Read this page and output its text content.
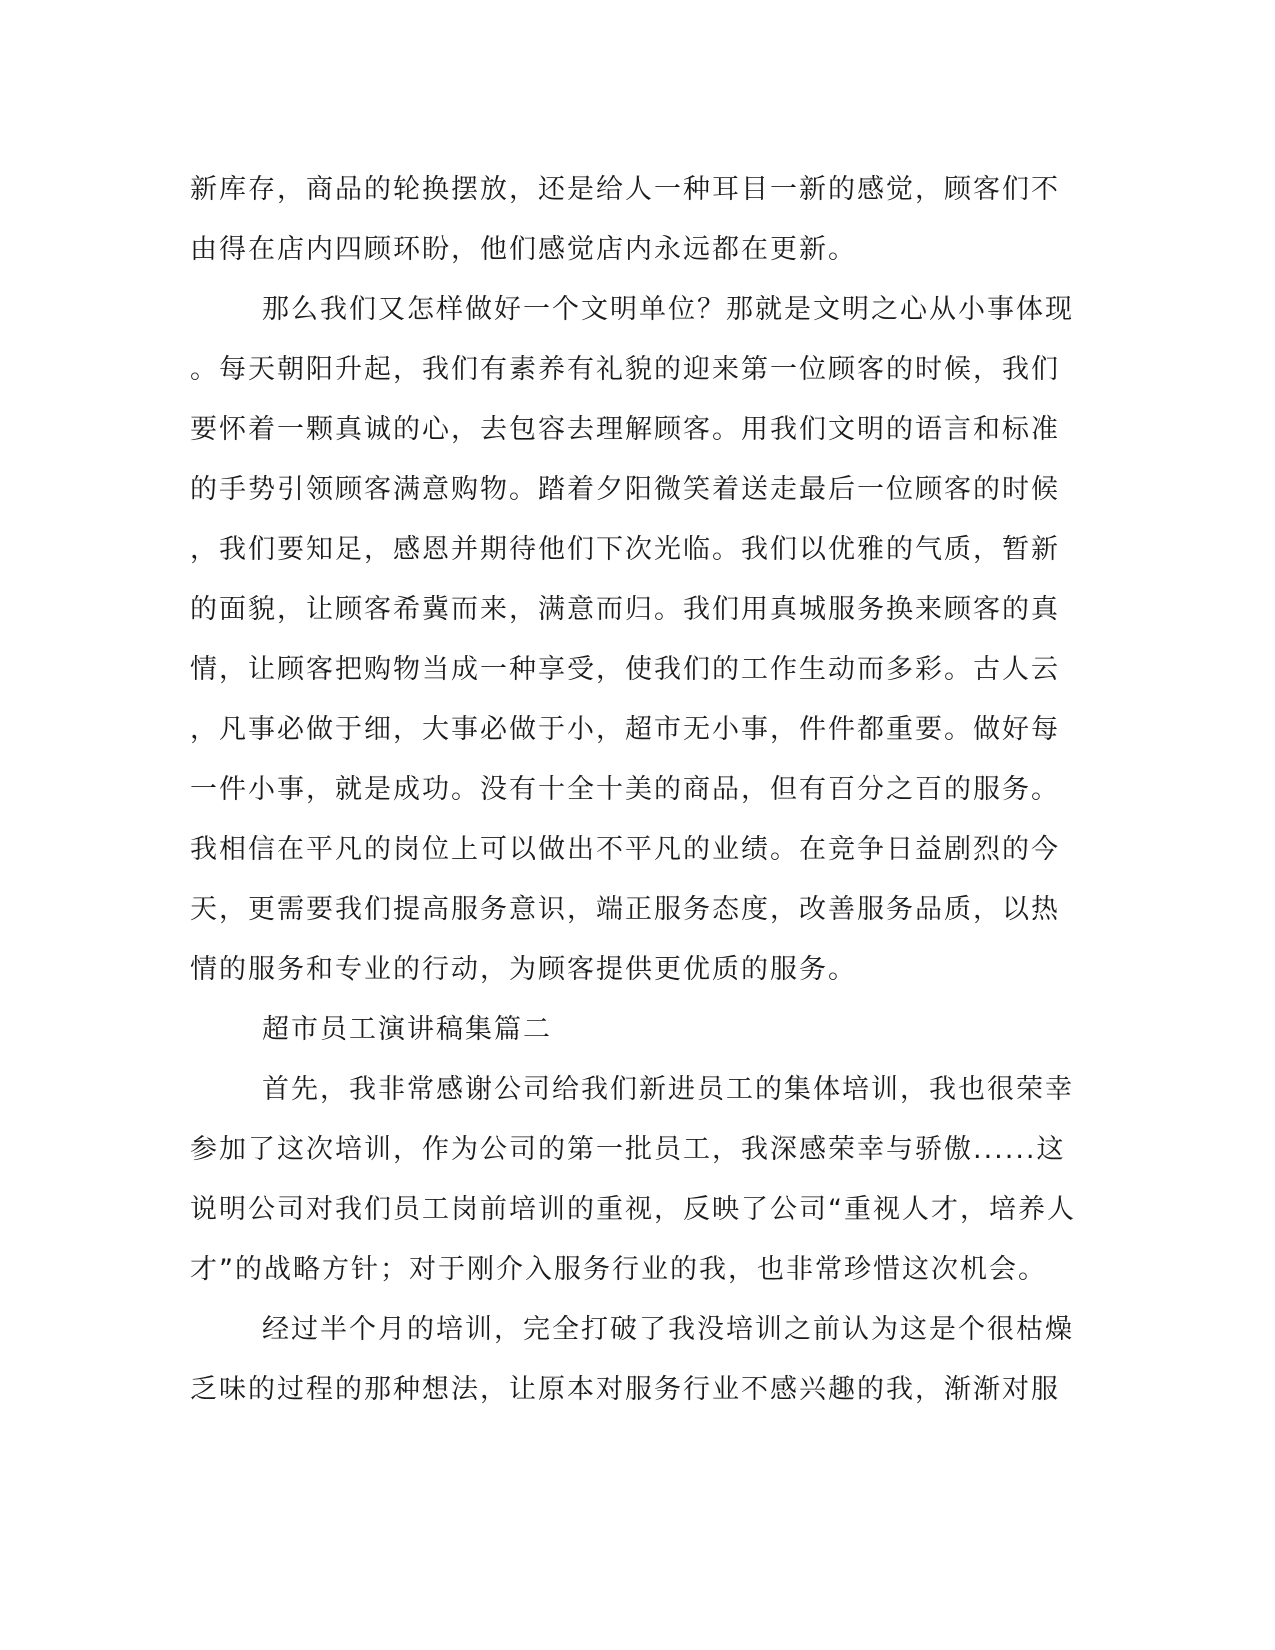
新库存，商品的轮换摆放，还是给人一种耳目一新的感觉，顾客们不
由得在店内四顾环盼，他们感觉店内永远都在更新。
那么我们又怎样做好一个文明单位？那就是文明之心从小事体现
。每天朝阳升起，我们有素养有礼貌的迎来第一位顾客的时候，我们
要怀着一颗真诚的心，去包容去理解顾客。用我们文明的语言和标准
的手势引领顾客满意购物。踏着夕阳微笑着送走最后一位顾客的时候
，我们要知足，感恩并期待他们下次光临。我们以优雅的气质，暂新
的面貌，让顾客希冀而来，满意而归。我们用真城服务换来顾客的真
情，让顾客把购物当成一种享受，使我们的工作生动而多彩。古人云
，凡事必做于细，大事必做于小，超市无小事，件件都重要。做好每
一件小事，就是成功。没有十全十美的商品，但有百分之百的服务。
我相信在平凡的岗位上可以做出不平凡的业绩。在竞争日益剧烈的今
天，更需要我们提高服务意识，端正服务态度，改善服务品质，以热
情的服务和专业的行动，为顾客提供更优质的服务。
超市员工演讲稿集篇二
首先，我非常感谢公司给我们新进员工的集体培训，我也很荣幸
参加了这次培训，作为公司的第一批员工，我深感荣幸与骄傲......这
说明公司对我们员工岗前培训的重视，反映了公司“重视人才，培养人
才”的战略方针；对于刚介入服务行业的我，也非常珍惜这次机会。
经过半个月的培训，完全打破了我没培训之前认为这是个很枯燥
乏味的过程的那种想法，让原本对服务行业不感兴趣的我，渐渐对服
